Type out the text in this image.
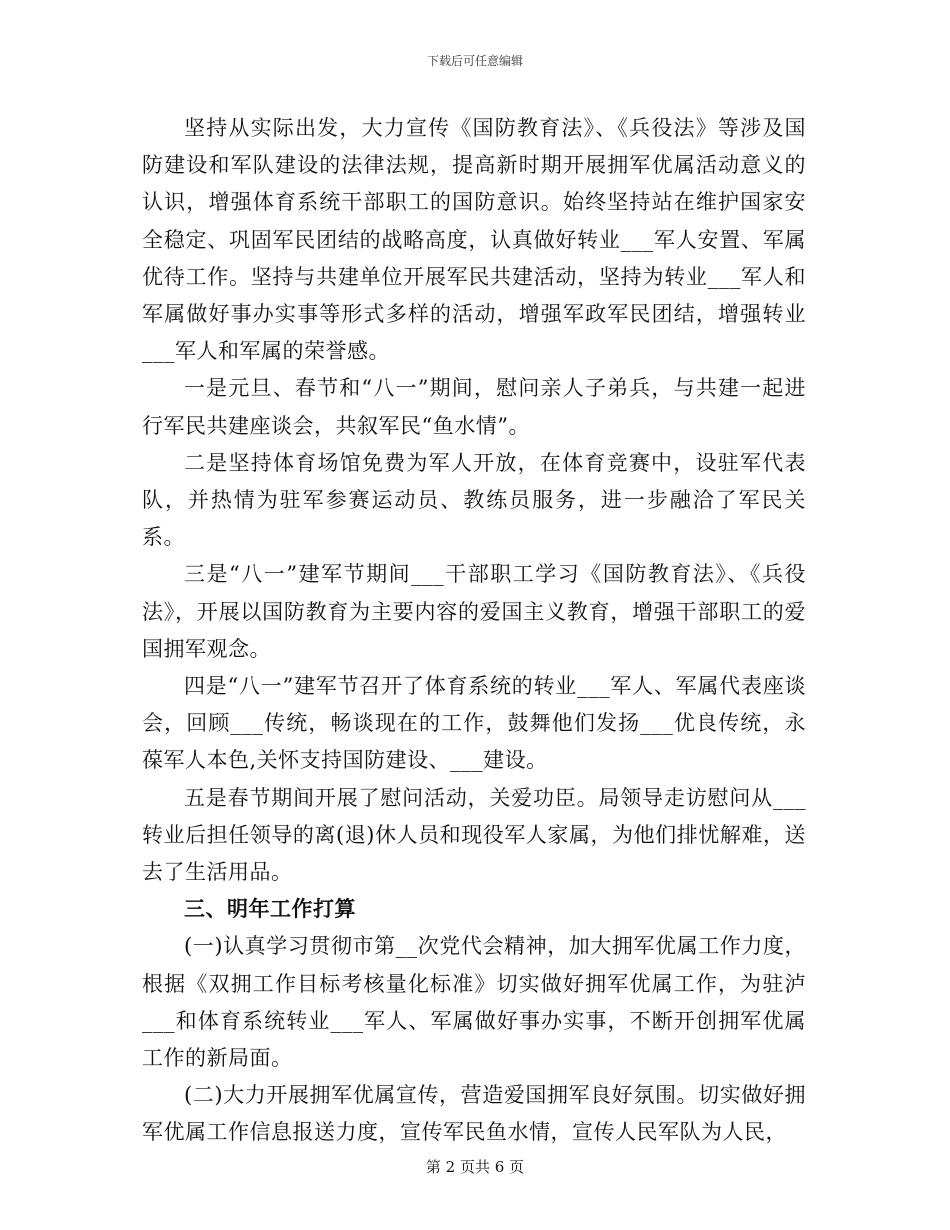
下载后可任意编辑

坚持从实际出发，大力宣传《国防教育法》、《兵役法》等涉及国防建设和军队建设的法律法规，提高新时期开展拥军优属活动意义的认识，增强体育系统干部职工的国防意识。始终坚持站在维护国家安全稳定、巩固军民团结的战略高度，认真做好转业___军人安置、军属优待工作。坚持与共建单位开展军民共建活动，坚持为转业___军人和军属做好事办实事等形式多样的活动，增强军政军民团结，增强转业___军人和军属的荣誉感。

一是元旦、春节和“八一”期间，慰问亲人子弟兵，与共建一起进行军民共建座谈会，共叙军民“鱼水情”。

二是坚持体育场馆免费为军人开放，在体育竞赛中，设驻军代表队，并热情为驻军参赛运动员、教练员服务，进一步融洽了军民关系。

三是“八一”建军节期间___干部职工学习《国防教育法》、《兵役法》，开展以国防教育为主要内容的爱国主义教育，增强干部职工的爱国拥军观念。

四是“八一”建军节召开了体育系统的转业___军人、军属代表座谈会，回顾___传统，畅谈现在的工作，鼓舞他们发扬___优良传统，永葆军人本色,关怀支持国防建设、___建设。

五是春节期间开展了慰问活动，关爱功臣。局领导走访慰问从___转业后担任领导的离(退)休人员和现役军人家属，为他们排忧解难，送去了生活用品。

三、明年工作打算

(一)认真学习贯彻市第__次党代会精神，加大拥军优属工作力度，根据《双拥工作目标考核量化标准》切实做好拥军优属工作，为驻泸___和体育系统转业___军人、军属做好事办实事，不断开创拥军优属工作的新局面。

(二)大力开展拥军优属宣传，营造爱国拥军良好氛围。切实做好拥军优属工作信息报送力度，宣传军民鱼水情，宣传人民军队为人民，

第 2 页共 6 页
